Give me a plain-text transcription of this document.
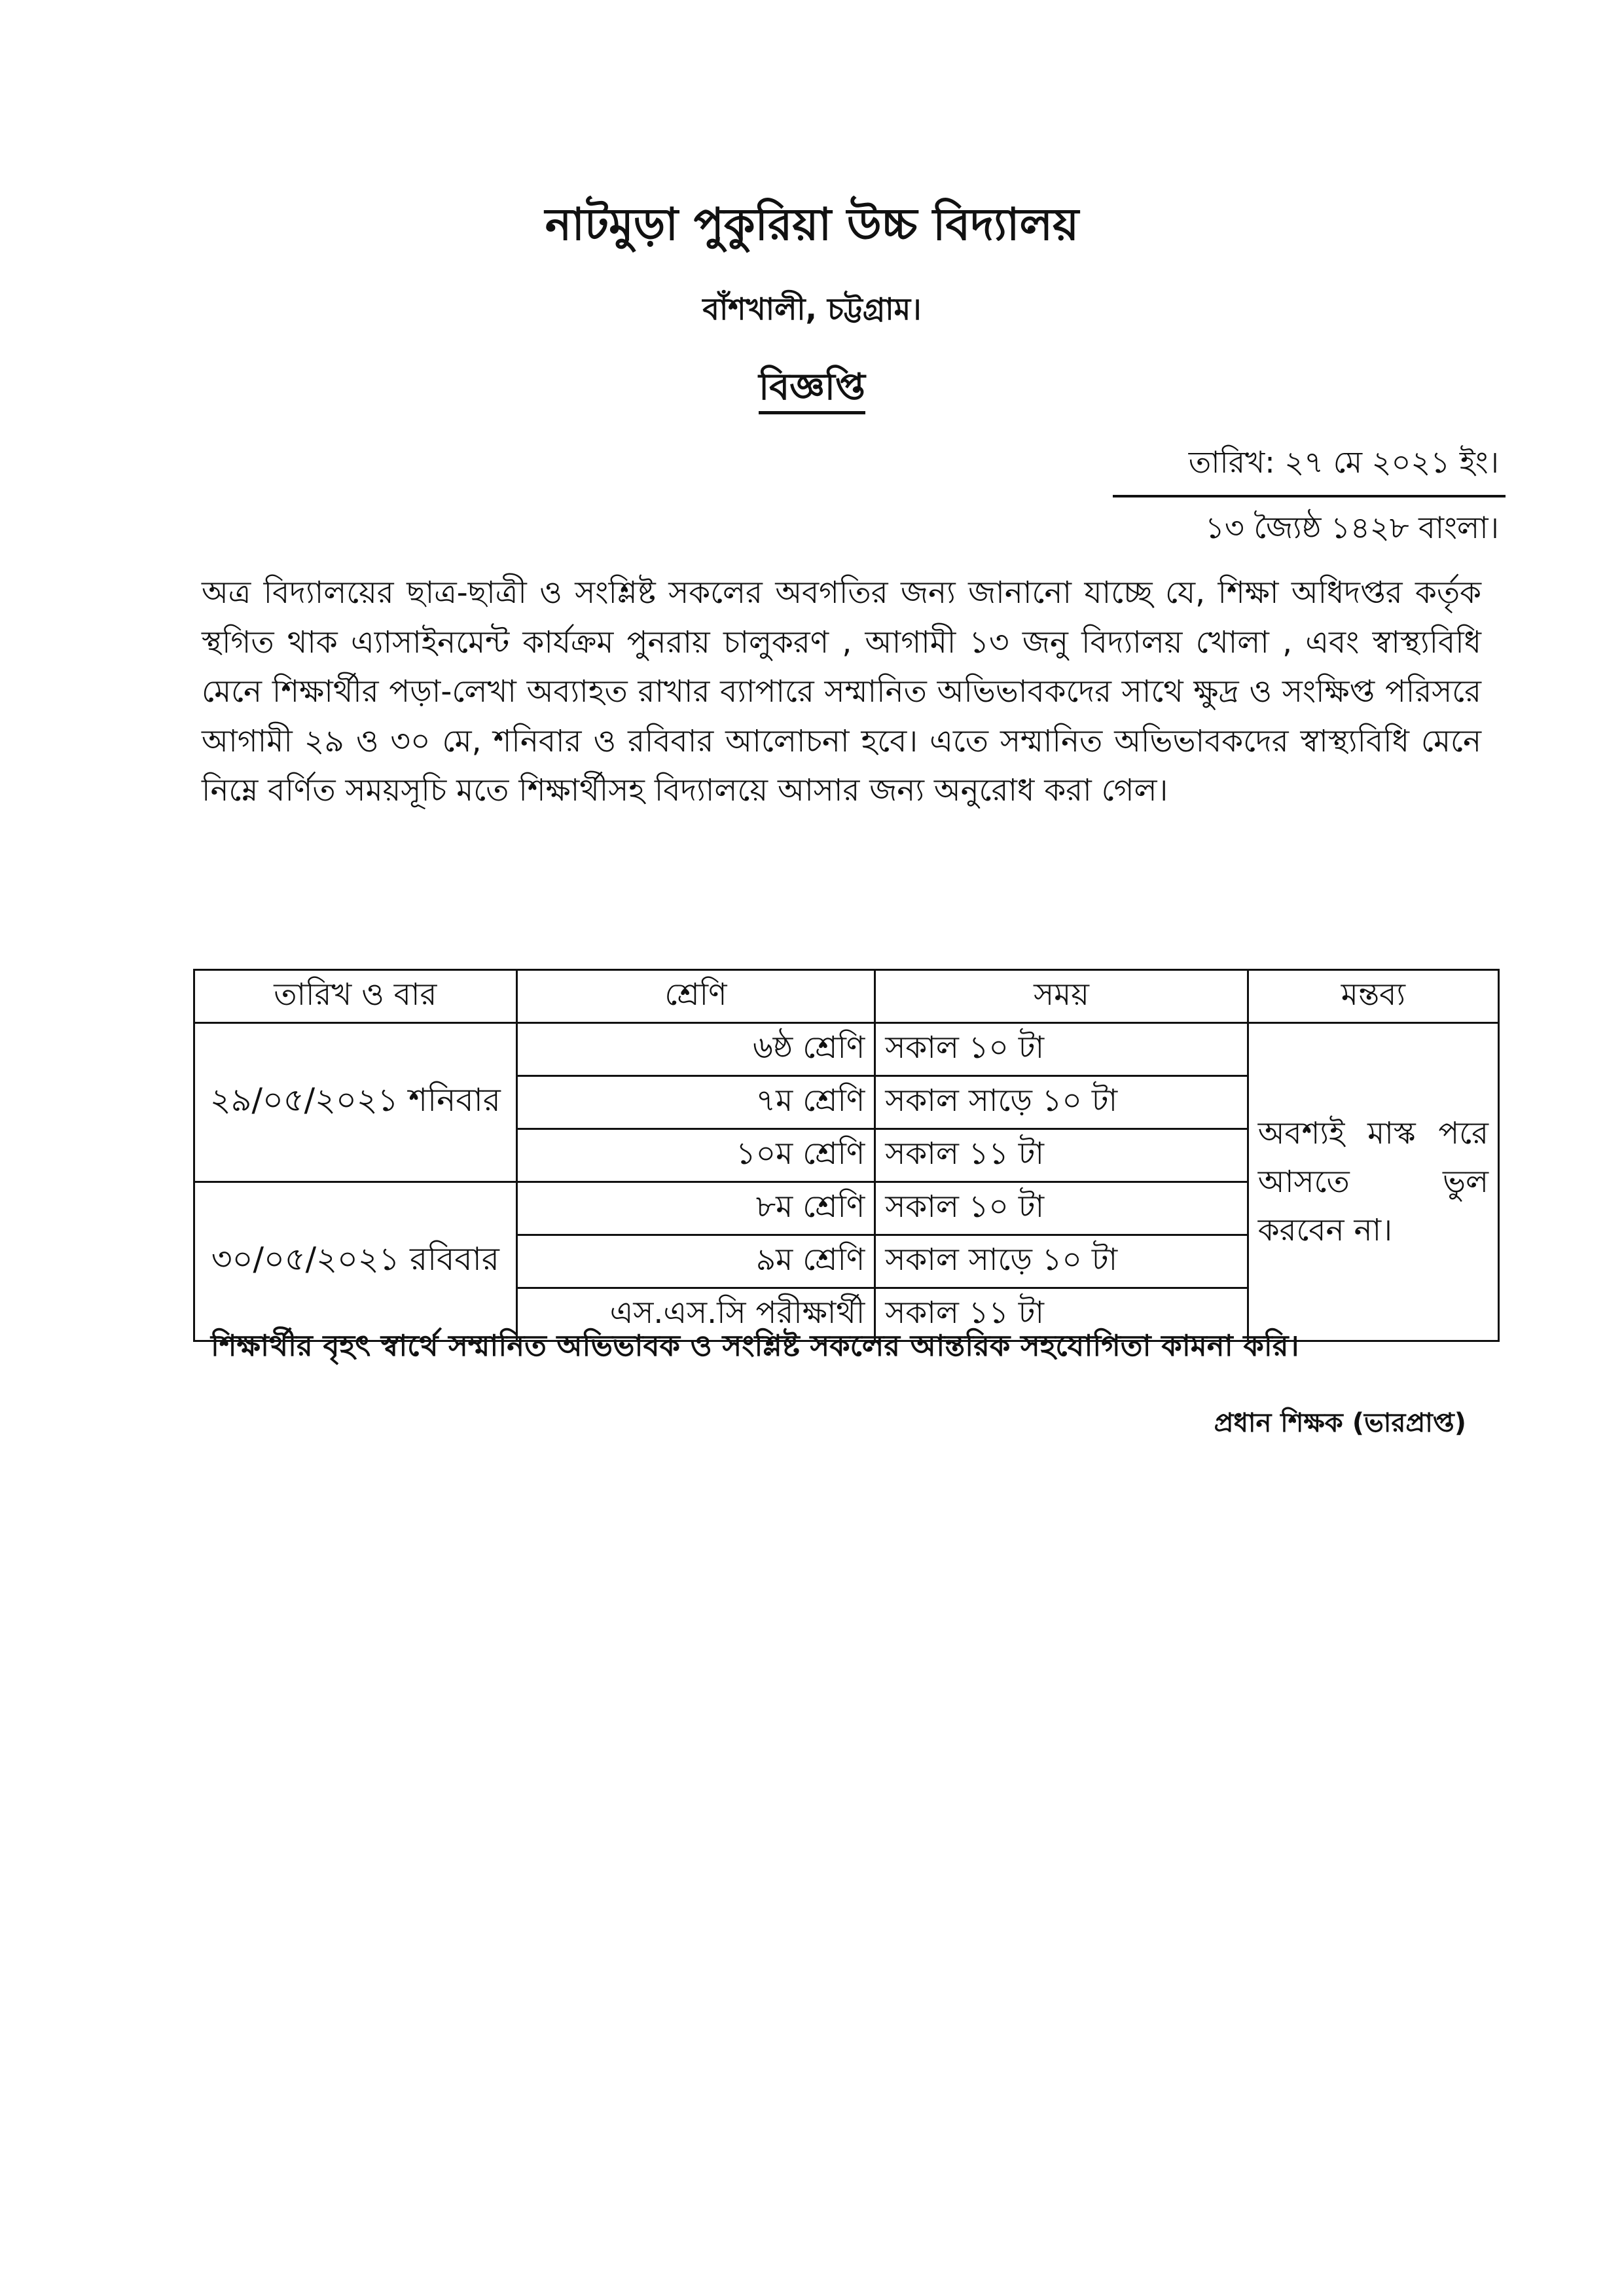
নাটমুড়া পুকুরিয়া উচ্চ বিদ্যালয়
বাঁশখালী, চট্টগ্রাম।
বিজ্ঞপ্তি
তারিখ: ২৭ মে ২০২১ ইং।
১৩ জ্যৈষ্ঠ ১৪২৮ বাংলা।
অত্র বিদ্যালয়ের ছাত্র-ছাত্রী ও সংশ্লিষ্ট সকলের অবগতির জন্য জানানো যাচ্ছে যে, শিক্ষা অধিদপ্তর কর্তৃক স্থগিত থাক এ্যাসাইনমেন্ট কার্যক্রম পুনরায় চালুকরণ , আগামী ১৩ জনু বিদ্যালয় খোলা , এবং স্বাস্থ্যবিধি মেনে শিক্ষার্থীর পড়া-লেখা অব্যাহত রাখার ব্যাপারে সম্মানিত অভিভাবকদের সাথে ক্ষুদ্র ও সংক্ষিপ্ত পরিসরে আগামী ২৯ ও ৩০ মে, শনিবার ও রবিবার আলোচনা হবে। এতে সম্মানিত অভিভাবকদের স্বাস্থ্যবিধি মেনে নিম্নে বর্ণিত সময়সূচি মতে শিক্ষার্থীসহ বিদ্যালয়ে আসার জন্য অনুরোধ করা গেল।
তারিখ ও বার	শ্রেণি	সময়	মন্তব্য
২৯/০৫/২০২১ শনিবার	৬ষ্ঠ শ্রেণি	সকাল ১০ টা	অবশ্যই মাস্ক পরে আসতে ভুল করবেন না।
	৭ম শ্রেণি	সকাল সাড়ে ১০ টা	
	১০ম শ্রেণি	সকাল ১১ টা	
৩০/০৫/২০২১ রবিবার	৮ম শ্রেণি	সকাল ১০ টা	
	৯ম শ্রেণি	সকাল সাড়ে ১০ টা	
	এস.এস.সি পরীক্ষার্থী	সকাল ১১ টা	
শিক্ষার্থীর বৃহৎ স্বার্থে সম্মানিত অভিভাবক ও সংশ্লিষ্ট সকলের আন্তরিক সহযোগিতা কামনা করি।
প্রধান শিক্ষক (ভারপ্রাপ্ত)
